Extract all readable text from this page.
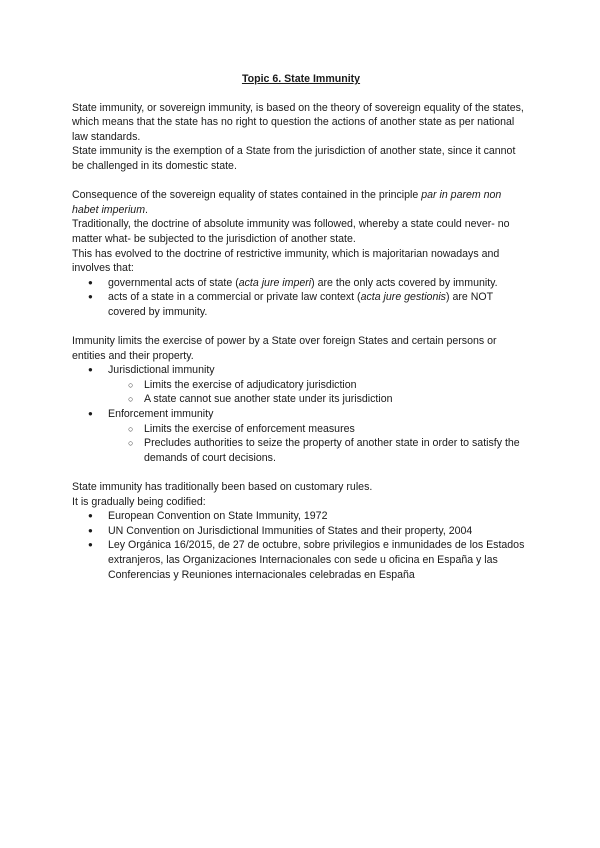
Topic 6. State Immunity

State immunity, or sovereign immunity, is based on the theory of sovereign equality of the states, which means that the state has no right to question the actions of another state as per national law standards.

State immunity is the exemption of a State from the jurisdiction of another state, since it cannot be challenged in its domestic state.

Consequence of the sovereign equality of states contained in the principle par in parem non habet imperium.

Traditionally, the doctrine of absolute immunity was followed, whereby a state could never- no matter what- be subjected to the jurisdiction of another state.

This has evolved to the doctrine of restrictive immunity, which is majoritarian nowadays and involves that:

● governmental acts of state (acta jure imperi) are the only acts covered by immunity.
● acts of a state in a commercial or private law context (acta jure gestionis) are NOT covered by immunity.

Immunity limits the exercise of power by a State over foreign States and certain persons or entities and their property.

● Jurisdictional immunity
○ Limits the exercise of adjudicatory jurisdiction
○ A state cannot sue another state under its jurisdiction
● Enforcement immunity
○ Limits the exercise of enforcement measures
○ Precludes authorities to seize the property of another state in order to satisfy the demands of court decisions.

State immunity has traditionally been based on customary rules.

It is gradually being codified:

● European Convention on State Immunity, 1972
● UN Convention on Jurisdictional Immunities of States and their property, 2004
● Ley Orgánica 16/2015, de 27 de octubre, sobre privilegios e inmunidades de los Estados extranjeros, las Organizaciones Internacionales con sede u oficina en España y las Conferencias y Reuniones internacionales celebradas en España
